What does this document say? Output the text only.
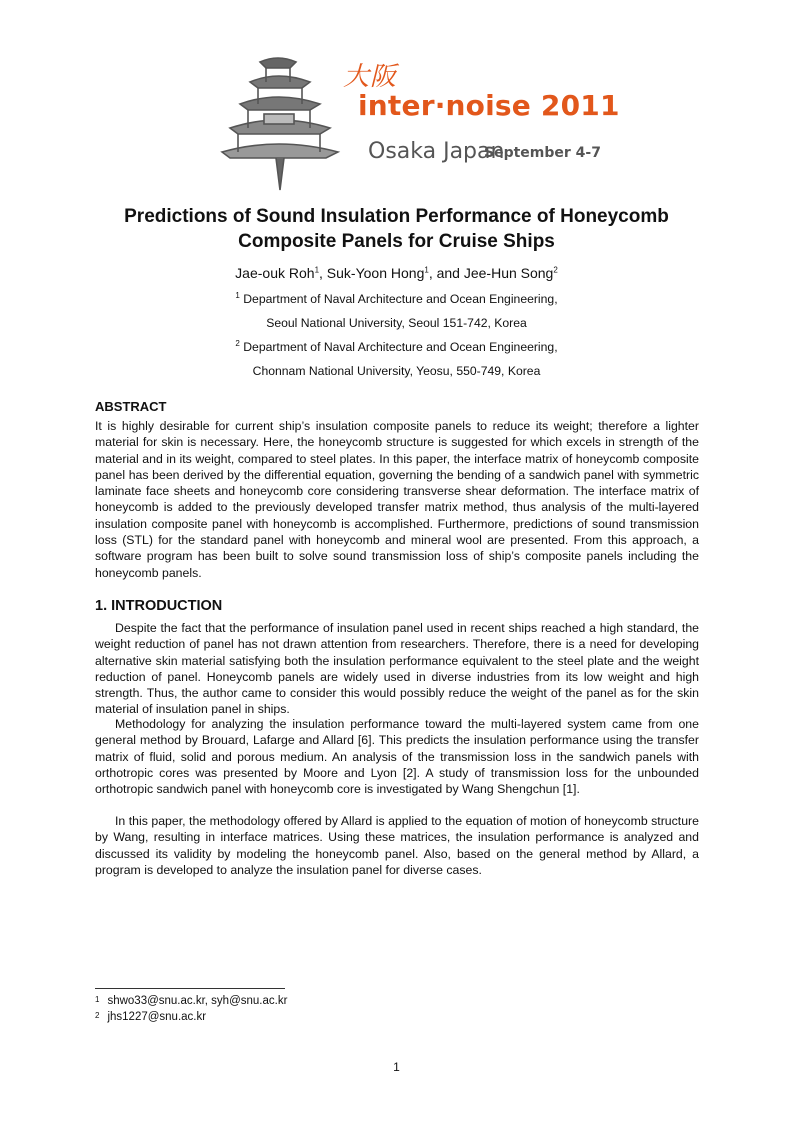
大阪
inter·noise 2011
Osaka Japan
September 4-7
Predictions of Sound Insulation Performance of Honeycomb
Composite Panels for Cruise Ships
Jae-ouk Roh$^1$, Suk-Yoon Hong$^1$, and Jee-Hun Song$^2$
$^1$ Department of Naval Architecture and Ocean Engineering,
Seoul National University, Seoul 151-742, Korea
$^2$ Department of Naval Architecture and Ocean Engineering,
Chonnam National University, Yeosu, 550-749, Korea
ABSTRACT
It is highly desirable for current ship’s insulation composite panels to reduce its weight; therefore a lighter material for skin is necessary. Here, the honeycomb structure is suggested for which excels in strength of the material and in its weight, compared to steel plates. In this paper, the interface matrix of honeycomb composite panel has been derived by the differential equation, governing the bending of a sandwich panel with symmetric laminate face sheets and honeycomb core considering transverse shear deformation. The interface matrix of honeycomb is added to the previously developed transfer matrix method, thus analysis of the multi-layered insulation composite panel with honeycomb is accomplished. Furthermore, predictions of sound transmission loss (STL) for the standard panel with honeycomb and mineral wool are presented. From this approach, a software program has been built to solve sound transmission loss of ship’s composite panels including the honeycomb panels.
1. INTRODUCTION
Despite the fact that the performance of insulation panel used in recent ships reached a high standard, the weight reduction of panel has not drawn attention from researchers. Therefore, there is a need for developing alternative skin material satisfying both the insulation performance equivalent to the steel plate and the weight reduction of panel. Honeycomb panels are widely used in diverse industries from its low weight and high strength. Thus, the author came to consider this would possibly reduce the weight of the panel as for the skin material of insulation panel in ships.
Methodology for analyzing the insulation performance toward the multi-layered system came from one general method by Brouard, Lafarge and Allard [6]. This predicts the insulation performance using the transfer matrix of fluid, solid and porous medium. An analysis of the transmission loss in the sandwich panels with orthotropic cores was presented by Moore and Lyon [2]. A study of transmission loss for the unbounded orthotropic sandwich panel with honeycomb core is investigated by Wang Shengchun [1].
In this paper, the methodology offered by Allard is applied to the equation of motion of honeycomb structure by Wang, resulting in interface matrices. Using these matrices, the insulation performance is analyzed and discussed its validity by modeling the honeycomb panel. Also, based on the general method by Allard, a program is developed to analyze the insulation panel for diverse cases.
$^1$ shwo33@snu.ac.kr, syh@snu.ac.kr
$^2$ jhs1227@snu.ac.kr
1
